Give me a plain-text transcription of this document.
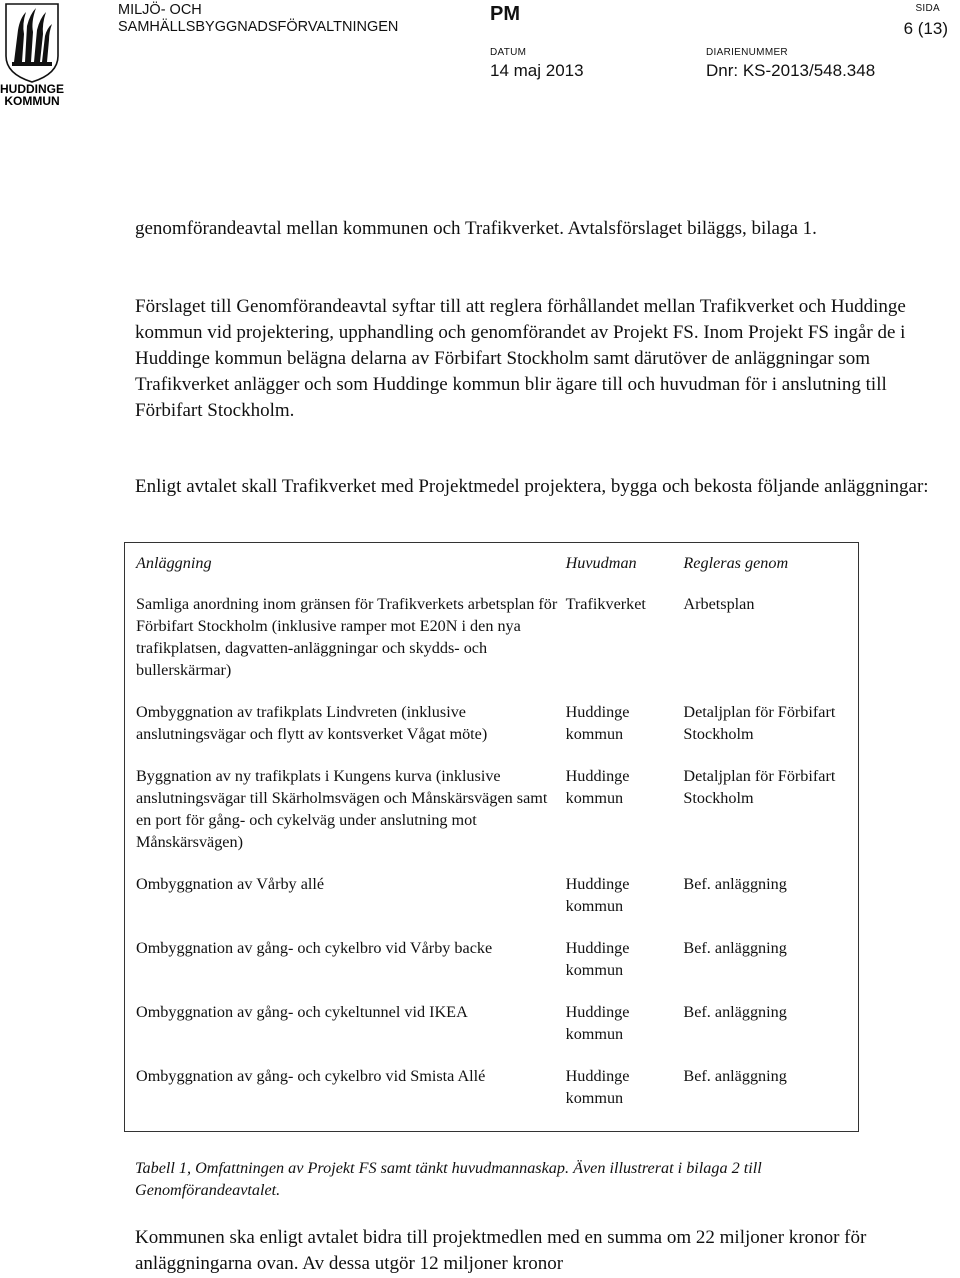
HUDDINGE
KOMMUN
MILJÖ- OCH
SAMHÄLLSBYGGNADSFÖRVALTNINGEN
PM	SIDA
6 (13)
DATUM
14 maj 2013
DIARIENUMMER
Dnr: KS-2013/548.348
genomförandeavtal mellan kommunen och Trafikverket. Avtalsförslaget biläggs, bilaga 1.
Förslaget till Genomförandeavtal syftar till att reglera förhållandet mellan Trafikverket och Huddinge kommun vid projektering, upphandling och genomförandet av Projekt FS. Inom Projekt FS ingår de i Huddinge kommun belägna delarna av Förbifart Stockholm samt därutöver de anläggningar som Trafikverket anlägger och som Huddinge kommun blir ägare till och huvudman för i anslutning till Förbifart Stockholm.
Enligt avtalet skall Trafikverket med Projektmedel projektera, bygga och bekosta följande anläggningar:
Anläggning	Huvudman	Regleras genom
Samliga anordning inom gränsen för Trafikverkets arbetsplan för Förbifart Stockholm (inklusive ramper mot E20N i den nya trafikplatsen, dagvatten-anläggningar och skydds- och bullerskärmar)	Trafikverket	Arbetsplan
Ombyggnation av trafikplats Lindvreten (inklusive anslutningsvägar och flytt av kontsverket Vågat möte)	Huddinge kommun	Detaljplan för Förbifart Stockholm
Byggnation av ny trafikplats i Kungens kurva (inklusive anslutningsvägar till Skärholmsvägen och Månskärsvägen samt en port för gång- och cykelväg under anslutning mot Månskärsvägen)	Huddinge kommun	Detaljplan för Förbifart Stockholm
Ombyggnation av Vårby allé	Huddinge kommun	Bef. anläggning
Ombyggnation av gång- och cykelbro vid Vårby backe	Huddinge kommun	Bef. anläggning
Ombyggnation av gång- och cykeltunnel vid IKEA	Huddinge kommun	Bef. anläggning
Ombyggnation av gång- och cykelbro vid Smista Allé	Huddinge kommun	Bef. anläggning
Tabell 1, Omfattningen av Projekt FS samt tänkt huvudmannaskap. Även illustrerat i bilaga 2 till Genomförandeavtalet.
Kommunen ska enligt avtalet bidra till projektmedlen med en summa om 22 miljoner kronor för anläggningarna ovan. Av dessa utgör 12 miljoner kronor
